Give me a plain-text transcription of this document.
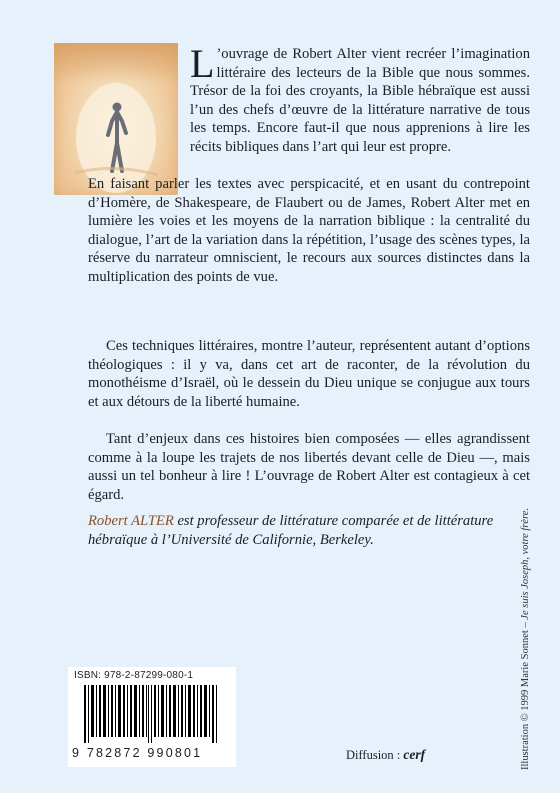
L ’ouvrage de Robert Alter vient recréer l’imagination littéraire des lecteurs de la Bible que nous sommes. Trésor de la foi des croyants, la Bible hébraïque est aussi l’un des chefs d’œuvre de la littérature narrative de tous les temps. Encore faut-il que nous apprenions à lire les récits bibliques dans l’art qui leur est propre.
En faisant parler les textes avec perspicacité, et en usant du contrepoint d’Homère, de Shakespeare, de Flaubert ou de James, Robert Alter met en lumière les voies et les moyens de la narration biblique : la centralité du dialogue, l’art de la variation dans la répétition, l’usage des scènes types, la réserve du narrateur omniscient, le recours aux sources distinctes dans la multiplication des points de vue.
Ces techniques littéraires, montre l’auteur, représentent autant d’options théologiques : il y va, dans cet art de raconter, de la révolution du monothéisme d’Israël, où le dessein du Dieu unique se conjugue aux tours et aux détours de la liberté humaine.
Tant d’enjeux dans ces histoires bien composées — elles agrandissent comme à la loupe les trajets de nos libertés devant celle de Dieu —, mais aussi un tel bonheur à lire ! L’ouvrage de Robert Alter est contagieux à cet égard.
Robert ALTER est professeur de littérature comparée et de littérature hébraïque à l’Université de Californie, Berkeley.
Illustration © 1999 Marie Sonnet – Je suis Joseph, votre frère.
ISBN: 978-2-87299-080-1
9 782872 990801	Diffusion : cerf
